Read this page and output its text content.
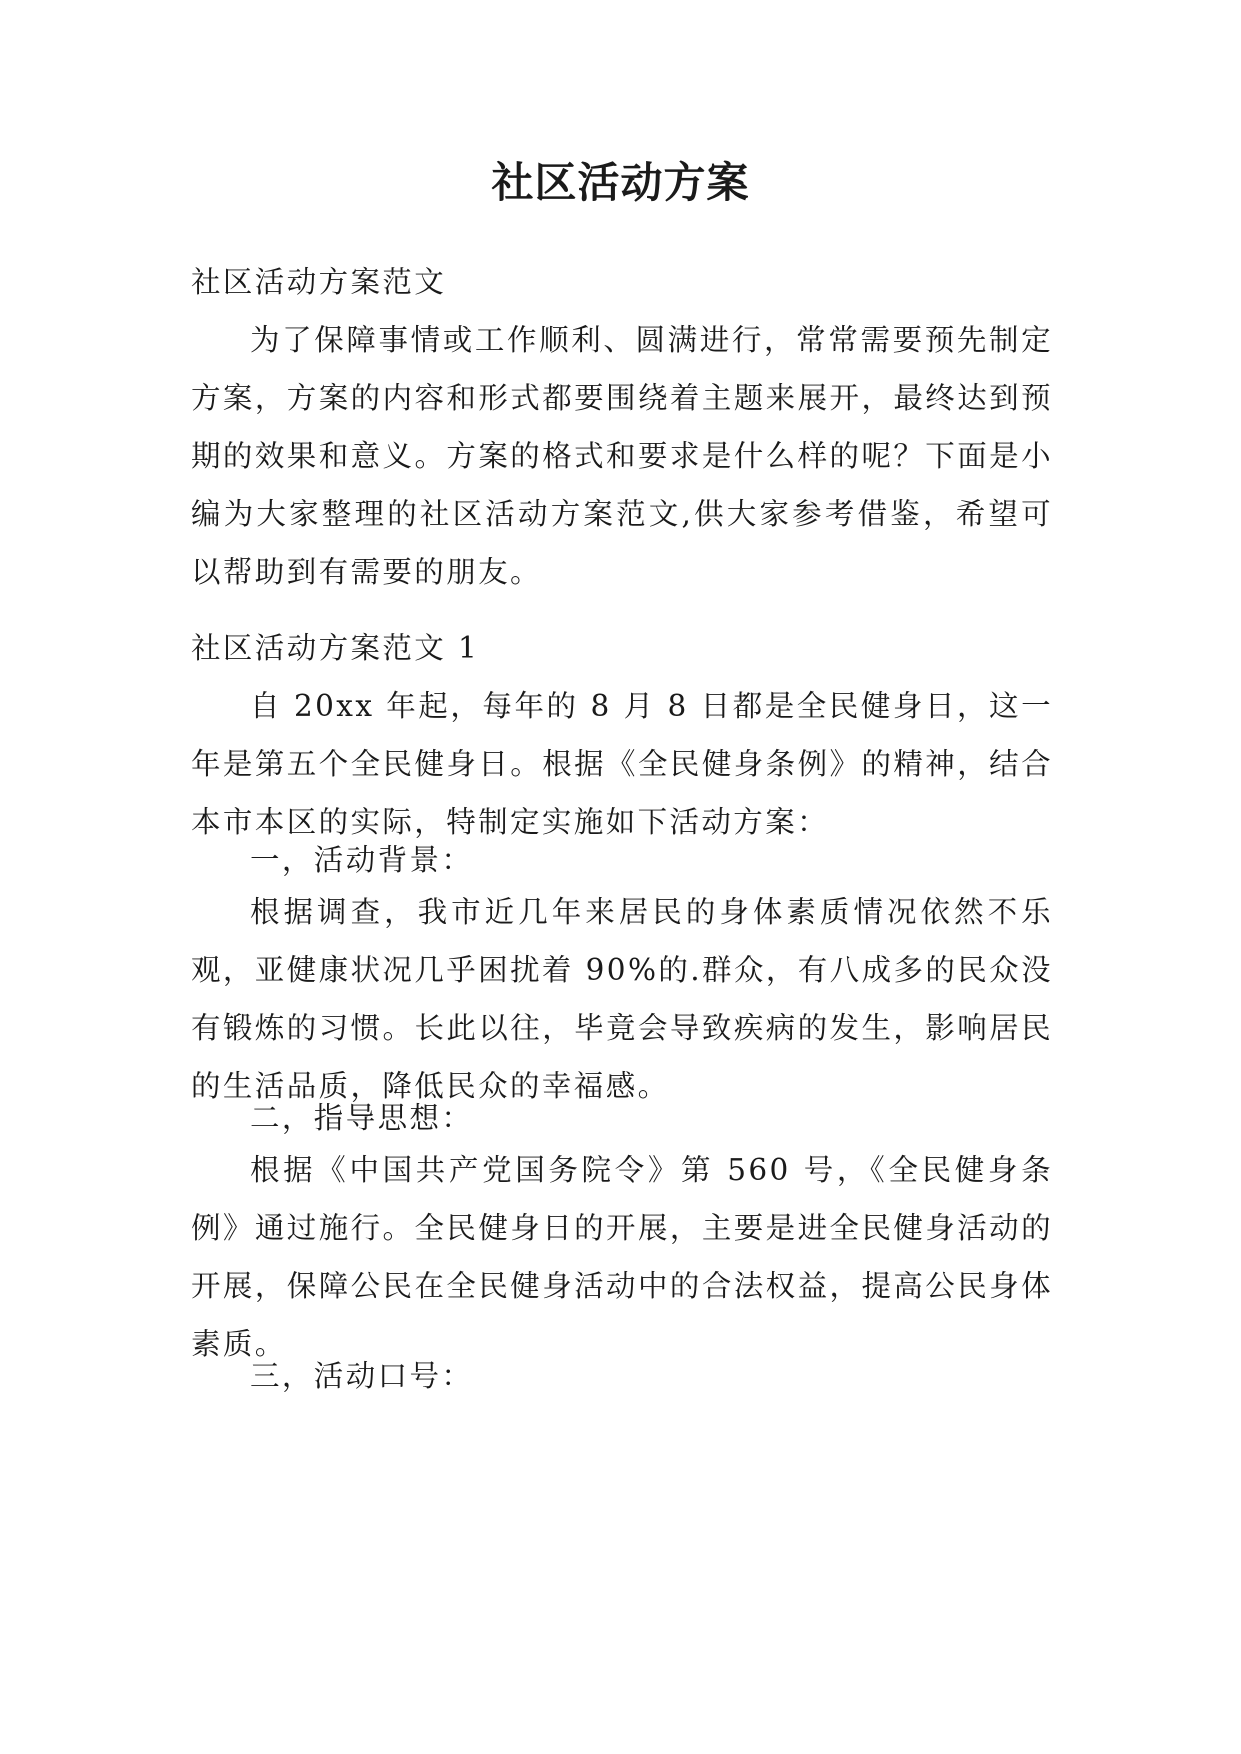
社区活动方案

社区活动方案范文

为了保障事情或工作顺利、圆满进行，常常需要预先制定方案，方案的内容和形式都要围绕着主题来展开，最终达到预期的效果和意义。方案的格式和要求是什么样的呢？下面是小编为大家整理的社区活动方案范文,供大家参考借鉴，希望可以帮助到有需要的朋友。

社区活动方案范文 1

自 20xx 年起，每年的 8 月 8 日都是全民健身日，这一年是第五个全民健身日。根据《全民健身条例》的精神，结合本市本区的实际，特制定实施如下活动方案：

一，活动背景：

根据调查，我市近几年来居民的身体素质情况依然不乐观，亚健康状况几乎困扰着 90%的.群众，有八成多的民众没有锻炼的习惯。长此以往，毕竟会导致疾病的发生，影响居民的生活品质，降低民众的幸福感。

二，指导思想：

根据《中国共产党国务院令》第 560 号，《全民健身条例》通过施行。全民健身日的开展，主要是进全民健身活动的开展，保障公民在全民健身活动中的合法权益，提高公民身体素质。

三，活动口号：
